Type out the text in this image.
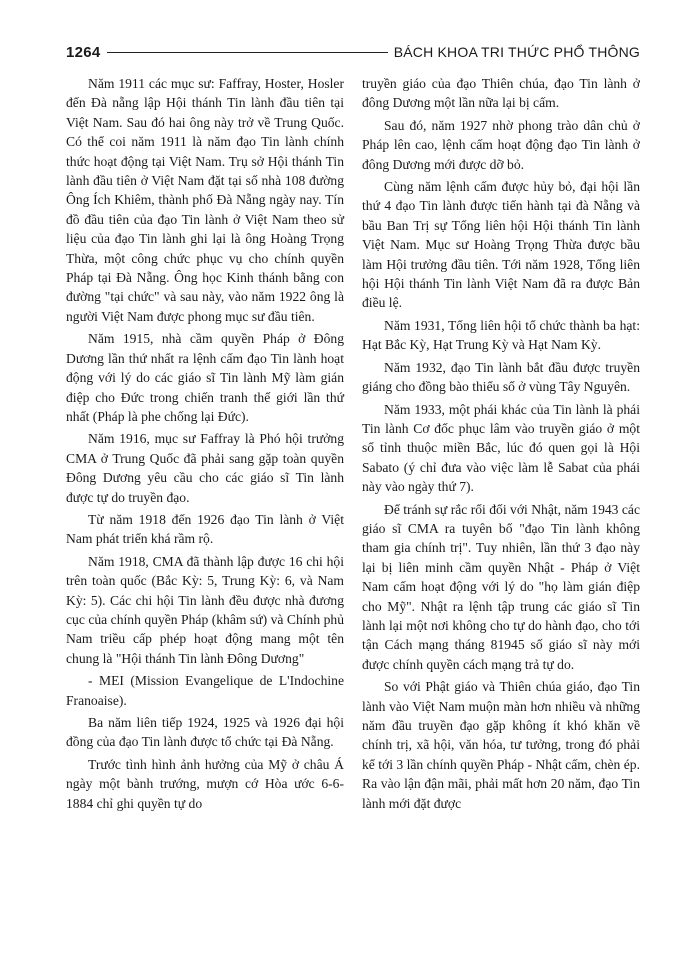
1264	BÁCH KHOA TRI THỨC PHỔ THÔNG

Năm 1911 các mục sư: Faffray, Hoster, Hosler đến Đà nẵng lập Hội thánh Tin lành đầu tiên tại Việt Nam. Sau đó hai ông này trở về Trung Quốc. Có thể coi năm 1911 là năm đạo Tin lành chính thức hoạt động tại Việt Nam. Trụ sở Hội thánh Tin lành đầu tiên ở Việt Nam đặt tại số nhà 108 đường Ông Ích Khiêm, thành phố Đà Nẵng ngày nay. Tín đồ đầu tiên của đạo Tin lành ở Việt Nam theo sử liệu của đạo Tin lành ghi lại là ông Hoàng Trọng Thừa, một công chức phục vụ cho chính quyền Pháp tại Đà Nẵng. Ông học Kinh thánh bằng con đường "tại chức" và sau này, vào năm 1922 ông là người Việt Nam được phong mục sư đầu tiên.

Năm 1915, nhà cầm quyền Pháp ở Đông Dương lần thứ nhất ra lệnh cấm đạo Tin lành hoạt động với lý do các giáo sĩ Tin lành Mỹ làm gián điệp cho Đức trong chiến tranh thế giới lần thứ nhất (Pháp là phe chống lại Đức).

Năm 1916, mục sư Faffray là Phó hội trưởng CMA ở Trung Quốc đã phải sang gặp toàn quyền Đông Dương yêu cầu cho các giáo sĩ Tin lành được tự do truyền đạo.

Từ năm 1918 đến 1926 đạo Tin lành ở Việt Nam phát triển khá rầm rộ.

Năm 1918, CMA đã thành lập được 16 chi hội trên toàn quốc (Bắc Kỳ: 5, Trung Kỳ: 6, và Nam Kỳ: 5). Các chi hội Tin lành đều được nhà đương cục của chính quyền Pháp (khâm sứ) và Chính phủ Nam triều cấp phép hoạt động mang một tên chung là "Hội thánh Tin lành Đông Dương"

- MEI (Mission Evangelique de L'Indochine Franoaise).

Ba năm liên tiếp 1924, 1925 và 1926 đại hội đồng của đạo Tin lành được tổ chức tại Đà Nẵng.

Trước tình hình ảnh hưởng của Mỹ ở châu Á ngày một bành trướng, mượn cớ Hòa ước 6-6-1884 chỉ ghi quyền tự do

truyền giáo của đạo Thiên chúa, đạo Tin lành ở đông Dương một lần nữa lại bị cấm.

Sau đó, năm 1927 nhờ phong trào dân chủ ở Pháp lên cao, lệnh cấm hoạt động đạo Tin lành ở đông Dương mới được dỡ bỏ.

Cùng năm lệnh cấm được hủy bỏ, đại hội lần thứ 4 đạo Tin lành được tiến hành tại đà Nẵng và bầu Ban Trị sự Tổng liên hội Hội thánh Tin lành Việt Nam. Mục sư Hoàng Trọng Thừa được bầu làm Hội trưởng đầu tiên. Tới năm 1928, Tổng liên hội Hội thánh Tin lành Việt Nam đã ra được Bản điều lệ.

Năm 1931, Tổng liên hội tổ chức thành ba hạt: Hạt Bắc Kỳ, Hạt Trung Kỳ và Hạt Nam Kỳ.

Năm 1932, đạo Tin lành bắt đầu được truyền giáng cho đồng bào thiểu số ở vùng Tây Nguyên.

Năm 1933, một phái khác của Tin lành là phái Tin lành Cơ đốc phục lâm vào truyền giáo ở một số tỉnh thuộc miền Bắc, lúc đó quen gọi là Hội Sabato (ý chỉ đưa vào việc làm lễ Sabat của phái này vào ngày thứ 7).

Để tránh sự rắc rối đối với Nhật, năm 1943 các giáo sĩ CMA ra tuyên bố "đạo Tin lành không tham gia chính trị". Tuy nhiên, lần thứ 3 đạo này lại bị liên minh cầm quyền Nhật - Pháp ở Việt Nam cấm hoạt động với lý do "họ làm gián điệp cho Mỹ". Nhật ra lệnh tập trung các giáo sĩ Tin lành lại một nơi không cho tự do hành đạo, cho tới tận Cách mạng tháng 81945 số giáo sĩ này mới được chính quyền cách mạng trả tự do.

So với Phật giáo và Thiên chúa giáo, đạo Tin lành vào Việt Nam muộn màn hơn nhiều và những năm đầu truyền đạo gặp không ít khó khăn về chính trị, xã hội, văn hóa, tư tưởng, trong đó phải kể tới 3 lần chính quyền Pháp - Nhật cấm, chèn ép. Ra vào lận đận mãi, phải mất hơn 20 năm, đạo Tin lành mới đặt được
